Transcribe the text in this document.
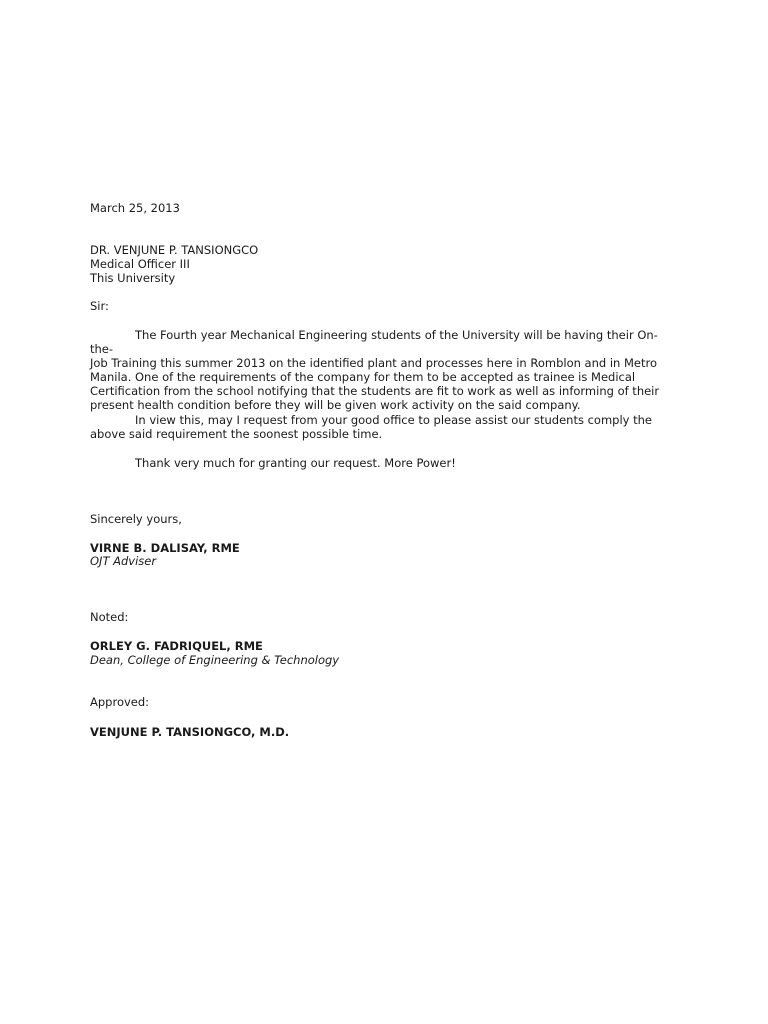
March 25, 2013
DR. VENJUNE P. TANSIONGCO
Medical Officer III
This University
Sir:
The Fourth year Mechanical Engineering students of the University will be having their On-the-
Job Training this summer 2013 on the identified plant and processes here in Romblon and in Metro
Manila. One of the requirements of the company for them to be accepted as trainee is Medical
Certification from the school notifying that the students are fit to work as well as informing of their
present health condition before they will be given work activity on the said company.
In view this, may I request from your good office to please assist our students comply the
above said requirement the soonest possible time.
Thank very much for granting our request. More Power!
Sincerely yours,
VIRNE B. DALISAY, RME
OJT Adviser
Noted:
ORLEY G. FADRIQUEL, RME
Dean, College of Engineering & Technology
Approved:
VENJUNE P. TANSIONGCO, M.D.
